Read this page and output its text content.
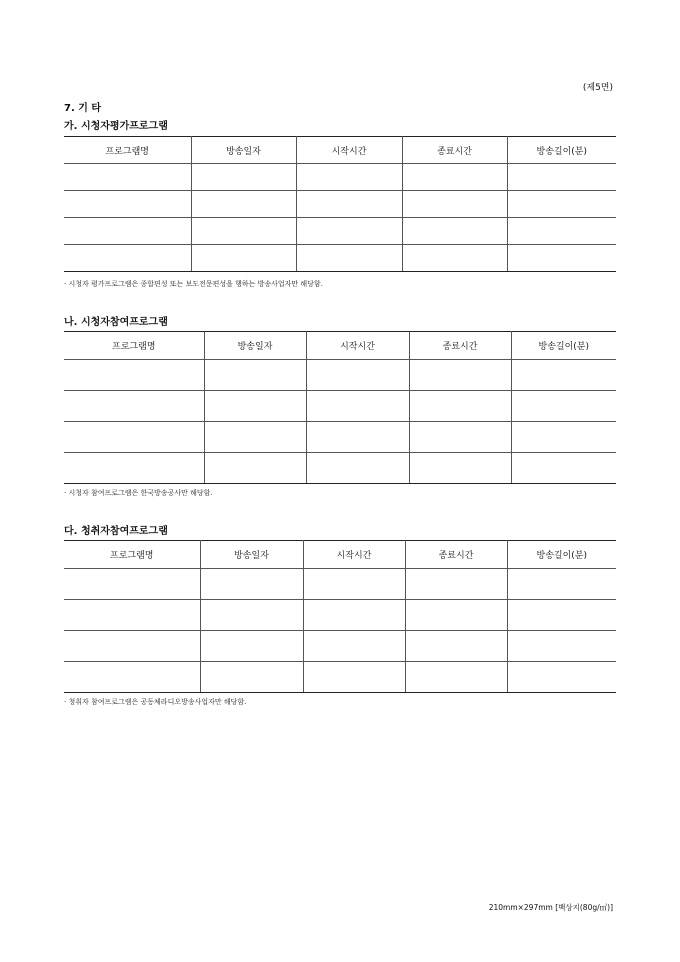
(제5면)
7. 기 타
가. 시청자평가프로그램
프로그램명	방송일자	시작시간	종료시간	방송길이(분)

· 시청자 평가프로그램은 종합편성 또는 보도전문편성을 행하는 방송사업자만 해당함.
나. 시청자참여프로그램
프로그램명	방송일자	시작시간	종료시간	방송길이(분)

· 시청자 참여프로그램은 한국방송공사만 해당함.
다. 청취자참여프로그램
프로그램명	방송일자	시작시간	종료시간	방송길이(분)

· 청취자 참여프로그램은 공동체라디오방송사업자만 해당함.
210mm×297mm [백상지(80g/㎡)]
